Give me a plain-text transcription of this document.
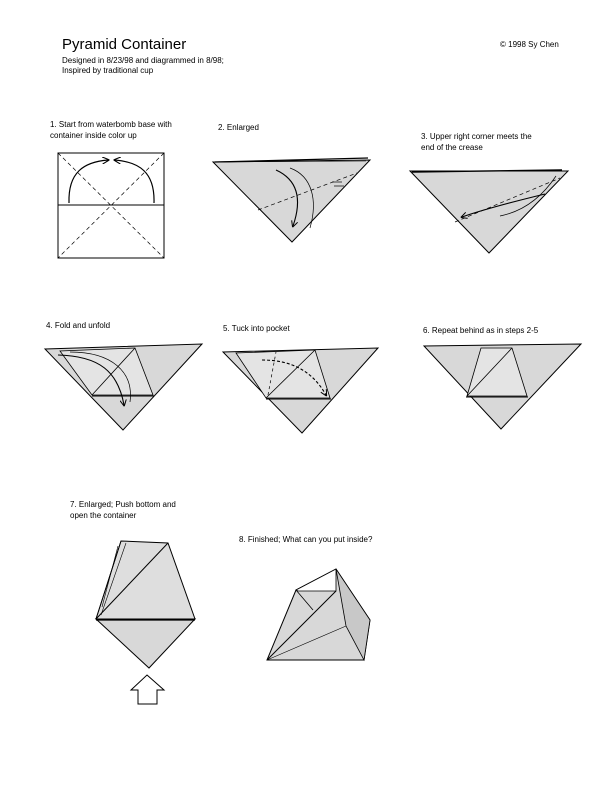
Pyramid Container	© 1998 Sy Chen
Designed in 8/23/98 and diagrammed in 8/98;
Inspired by traditional cup
1. Start from waterbomb base with
container inside color up
2. Enlarged
3. Upper right corner meets the
end of the crease
4. Fold and unfold	5. Tuck into pocket	6. Repeat behind as in steps 2-5
7. Enlarged; Push bottom and
open the container
8. Finished; What can you put inside?
